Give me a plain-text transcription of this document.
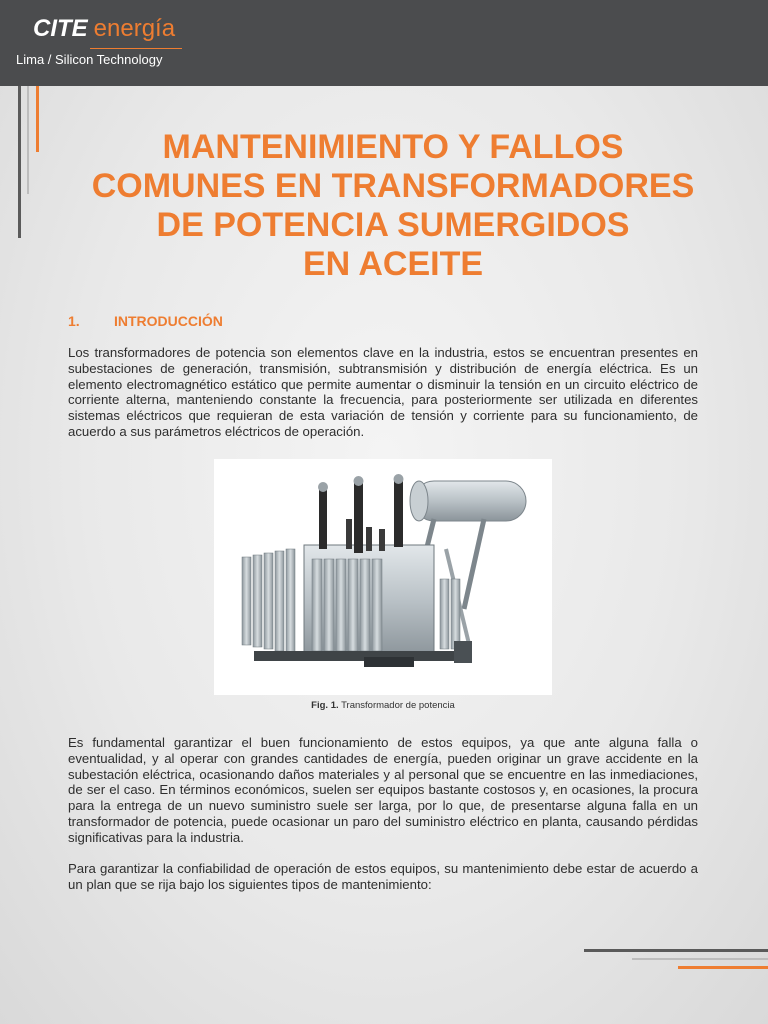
CITE energía
Lima / Silicon Technology
MANTENIMIENTO Y FALLOS
COMUNES EN TRANSFORMADORES
DE POTENCIA SUMERGIDOS
EN ACEITE
1. INTRODUCCIÓN

Los transformadores de potencia son elementos clave en la industria, estos se encuentran presentes en subestaciones de generación, transmisión, subtransmisión y distribución de energía eléctrica. Es un elemento electromagnético estático que permite aumentar o disminuir la tensión en un circuito eléctrico de corriente alterna, manteniendo constante la frecuencia, para posteriormente ser utilizada en diferentes sistemas eléctricos que requieran de esta variación de tensión y corriente para su funcionamiento, de acuerdo a sus parámetros eléctricos de operación.

Fig. 1. Transformador de potencia

Es fundamental garantizar el buen funcionamiento de estos equipos, ya que ante alguna falla o eventualidad, y al operar con grandes cantidades de energía, pueden originar un grave accidente en la subestación eléctrica, ocasionando daños materiales y al personal que se encuentre en las inmediaciones, de ser el caso. En términos económicos, suelen ser equipos bastante costosos y, en ocasiones, la procura para la entrega de un nuevo suministro suele ser larga, por lo que, de presentarse alguna falla en un transformador de potencia, puede ocasionar un paro del suministro eléctrico en planta, causando pérdidas significativas para la industria.

Para garantizar la confiabilidad de operación de estos equipos, su mantenimiento debe estar de acuerdo a un plan que se rija bajo los siguientes tipos de mantenimiento:
